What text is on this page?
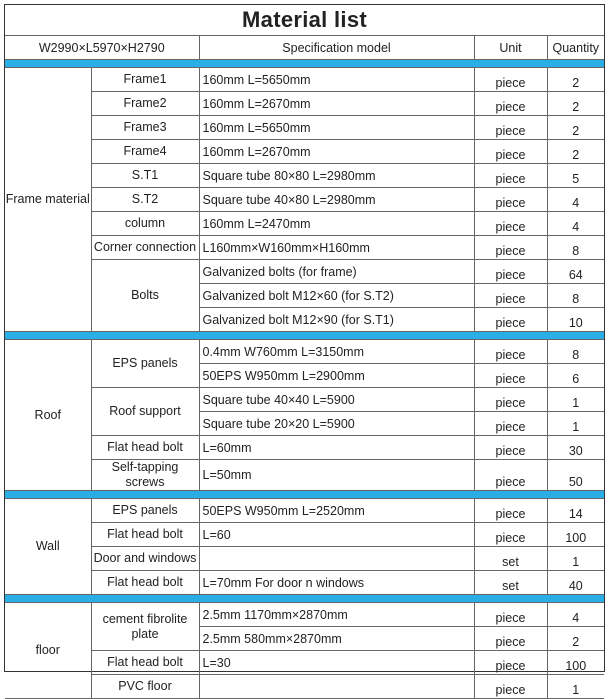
Material list				
W2990×L5970×H2790		Specification model	Unit	Quantity

Frame material	Frame1	160mm L=5650mm	piece	2
	Frame2	160mm L=2670mm	piece	2
	Frame3	160mm L=5650mm	piece	2
	Frame4	160mm L=2670mm	piece	2
	S.T1	Square tube 80×80 L=2980mm	piece	5
	S.T2	Square tube 40×80 L=2980mm	piece	4
	column	160mm L=2470mm	piece	4
	Corner connection	L160mm×W160mm×H160mm	piece	8
	Bolts	Galvanized bolts (for frame)	piece	64
		Galvanized bolt M12×60 (for S.T2)	piece	8
		Galvanized bolt M12×90 (for S.T1)	piece	10

Roof	EPS panels	0.4mm W760mm L=3150mm	piece	8
		50EPS W950mm L=2900mm	piece	6
	Roof support	Square tube 40×40 L=5900	piece	1
		Square tube 20×20 L=5900	piece	1
	Flat head bolt	L=60mm	piece	30
	Self-tapping screws	L=50mm	piece	50

Wall	EPS panels	50EPS W950mm L=2520mm	piece	14
	Flat head bolt	L=60	piece	100
	Door and windows		set	1
	Flat head bolt	L=70mm For door n windows	set	40

floor	cement fibrolite plate	2.5mm 1170mm×2870mm	piece	4
		2.5mm 580mm×2870mm	piece	2
	Flat head bolt	L=30	piece	100
	PVC floor		piece	1
